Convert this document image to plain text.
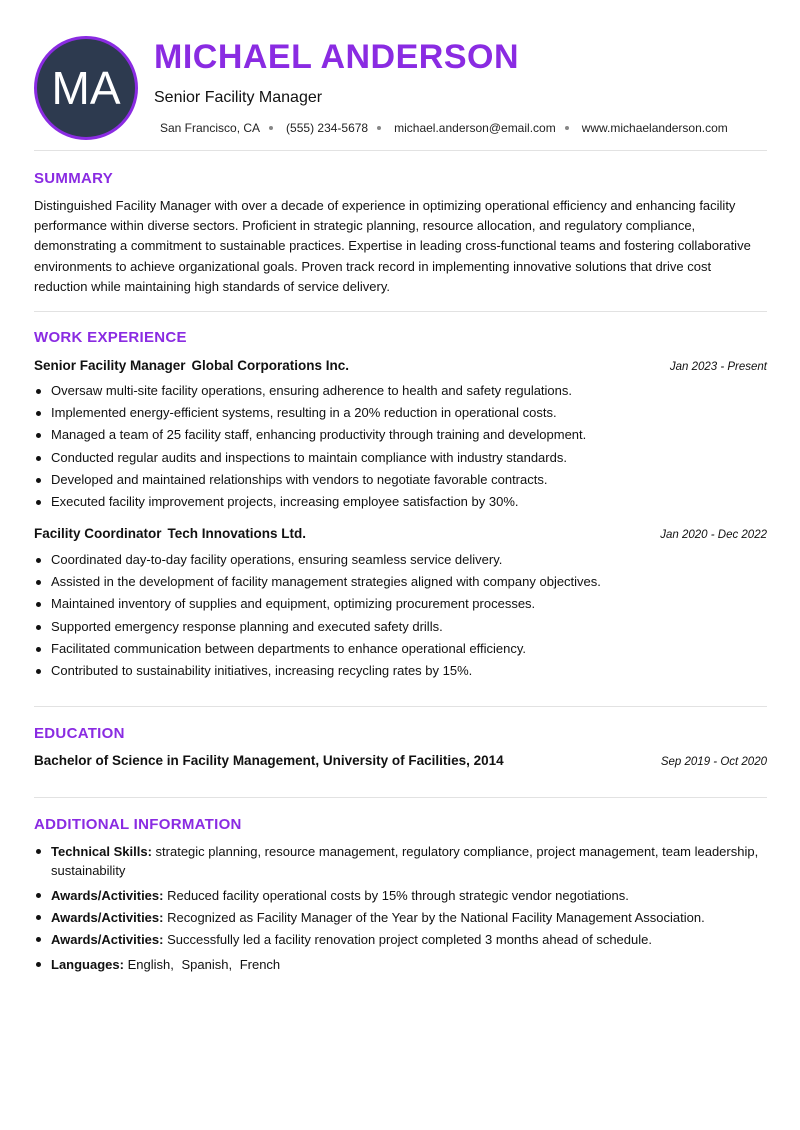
MA
MICHAEL ANDERSON
Senior Facility Manager
San Francisco, CA (555) 234-5678 michael.anderson@email.com www.michaelanderson.com
SUMMARY
Distinguished Facility Manager with over a decade of experience in optimizing operational efficiency and enhancing facility performance within diverse sectors. Proficient in strategic planning, resource allocation, and regulatory compliance, demonstrating a commitment to sustainable practices. Expertise in leading cross-functional teams and fostering collaborative environments to achieve organizational goals. Proven track record in implementing innovative solutions that drive cost reduction while maintaining high standards of service delivery.
WORK EXPERIENCE
Senior Facility Manager Global Corporations Inc.	Jan 2023 - Present
Oversaw multi-site facility operations, ensuring adherence to health and safety regulations.
Implemented energy-efficient systems, resulting in a 20% reduction in operational costs.
Managed a team of 25 facility staff, enhancing productivity through training and development.
Conducted regular audits and inspections to maintain compliance with industry standards.
Developed and maintained relationships with vendors to negotiate favorable contracts.
Executed facility improvement projects, increasing employee satisfaction by 30%.
Facility Coordinator Tech Innovations Ltd.	Jan 2020 - Dec 2022
Coordinated day-to-day facility operations, ensuring seamless service delivery.
Assisted in the development of facility management strategies aligned with company objectives.
Maintained inventory of supplies and equipment, optimizing procurement processes.
Supported emergency response planning and executed safety drills.
Facilitated communication between departments to enhance operational efficiency.
Contributed to sustainability initiatives, increasing recycling rates by 15%.
EDUCATION
Bachelor of Science in Facility Management, University of Facilities, 2014	Sep 2019 - Oct 2020
ADDITIONAL INFORMATION
Technical Skills: strategic planning, resource management, regulatory compliance, project management, team leadership, sustainability
Awards/Activities: Reduced facility operational costs by 15% through strategic vendor negotiations.
Awards/Activities: Recognized as Facility Manager of the Year by the National Facility Management Association.
Awards/Activities: Successfully led a facility renovation project completed 3 months ahead of schedule.
Languages: English, Spanish, French
